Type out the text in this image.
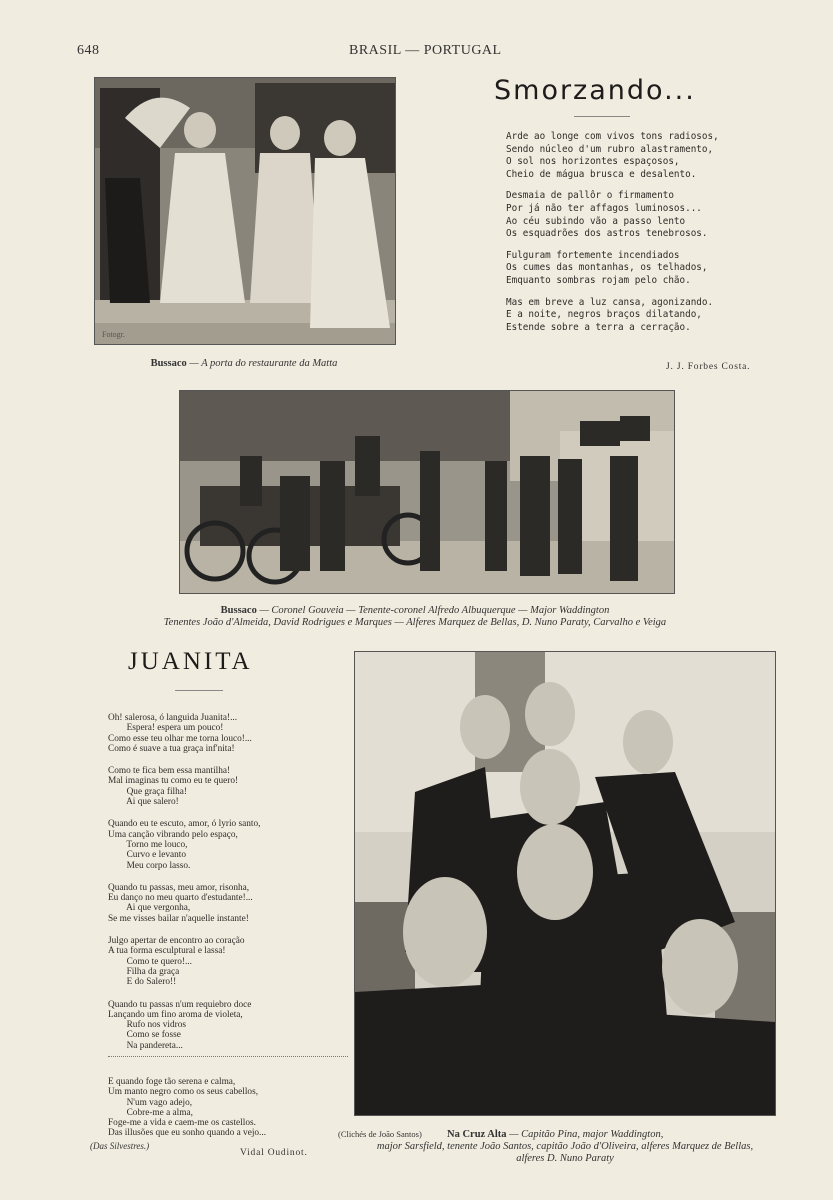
648	BRASIL — PORTUGAL
Fotogr.
Bussaco — A porta do restaurante da Matta
Smorzando...

Arde ao longe com vivos tons radiosos,

Sendo núcleo d'um rubro alastramento,

O sol nos horizontes espaçosos,

Cheio de mágua brusca e desalento.

Desmaia de pallôr o firmamento

Por já não ter affagos luminosos...

Ao céu subindo vão a passo lento

Os esquadrões dos astros tenebrosos.

Fulguram fortemente incendiados

Os cumes das montanhas, os telhados,

Emquanto sombras rojam pelo chão.

Mas em breve a luz cansa, agonizando.

E a noite, negros braços dilatando,

Estende sobre a terra a cerração.

J. J. Forbes Costa.
Bussaco — Coronel Gouveia — Tenente-coronel Alfredo Albuquerque — Major Waddington
Tenentes João d'Almeida, David Rodrigues e Marques — Alferes Marquez de Bellas, D. Nuno Paraty, Carvalho e Veiga
JUANITA

Oh! salerosa, ó languida Juanita!...

Espera! espera um pouco!

Como esse teu olhar me torna louco!...

Como é suave a tua graça inf'nita!

Como te fica bem essa mantilha!

Mal imaginas tu como eu te quero!

Que graça filha!

Ai que salero!

Quando eu te escuto, amor, ó lyrio santo,

Uma canção vibrando pelo espaço,

Torno me louco,

Curvo e levanto

Meu corpo lasso.

Quando tu passas, meu amor, risonha,

Eu danço no meu quarto d'estudante!...

Ai que vergonha,

Se me visses bailar n'aquelle instante!

Julgo apertar de encontro ao coração

A tua forma esculptural e lassa!

Como te quero!...

Filha da graça

E do Salero!!

Quando tu passas n'um requiebro doce

Lançando um fino aroma de violeta,

Rufo nos vidros

Como se fosse

Na pandereta...

E quando foge tão serena e calma,

Um manto negro como os seus cabellos,

N'um vago adejo,

Cobre-me a alma,

Foge-me a vida e caem-me os castellos.

Das illusões que eu sonho quando a vejo...

(Das Silvestres.)
Vidal Oudinot.
(Clichés de João Santos) Na Cruz Alta — Capitão Pina, major Waddington,
major Sarsfield, tenente João Santos, capitão João d'Oliveira, alferes Marquez de Bellas,
alferes D. Nuno Paraty
